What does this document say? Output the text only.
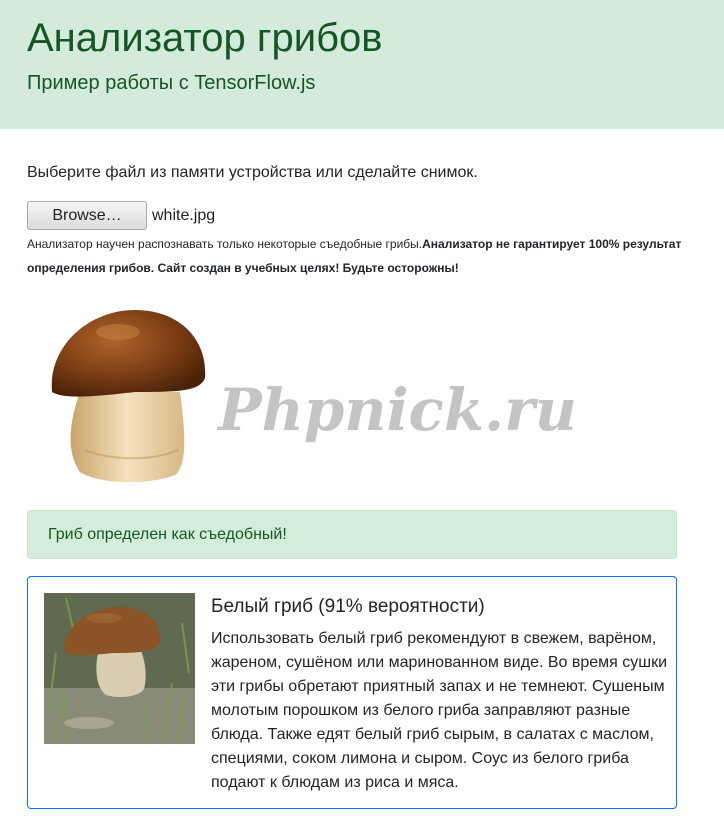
Анализатор грибов
Пример работы с TensorFlow.js

Выберите файл из памяти устройства или сделайте снимок.

Browse…	white.jpg
Анализатор научен распознавать только некоторые съедобные грибы.Анализатор не гарантирует 100% результат определения грибов. Сайт создан в учебных целях! Будьте осторожны!
Phpnick.ru
Гриб определен как съедобный!
Белый гриб (91% вероятности)
Использовать белый гриб рекомендуют в свежем, варёном, жареном, сушёном или маринованном виде. Во время сушки эти грибы обретают приятный запах и не темнеют. Сушеным молотым порошком из белого гриба заправляют разные блюда. Также едят белый гриб сырым, в салатах с маслом, специями, соком лимона и сыром. Соус из белого гриба подают к блюдам из риса и мяса.
